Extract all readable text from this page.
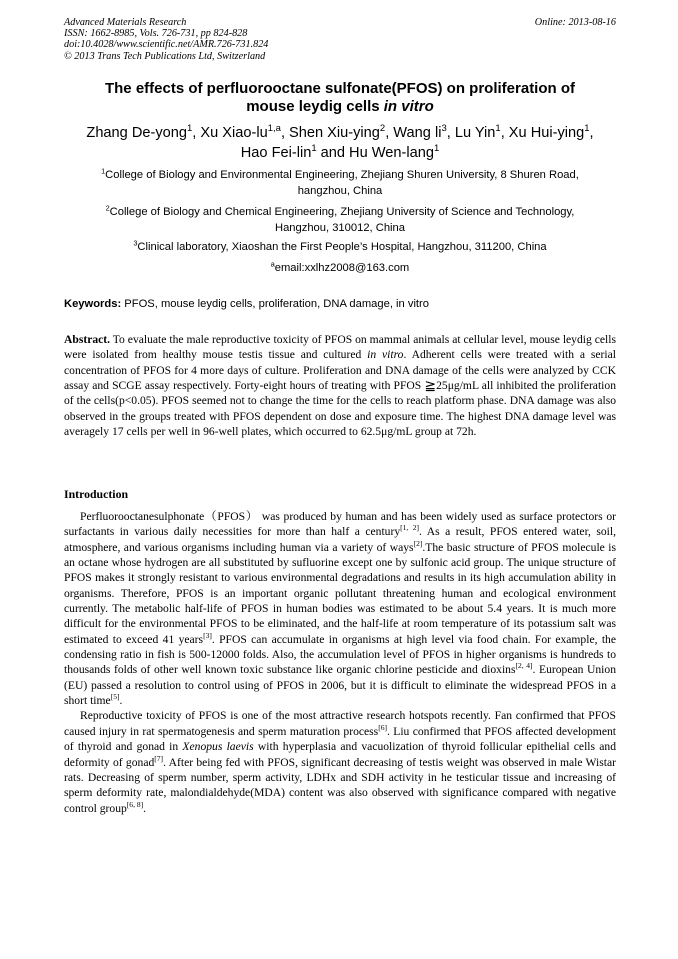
Advanced Materials Research
ISSN: 1662-8985, Vols. 726-731, pp 824-828
doi:10.4028/www.scientific.net/AMR.726-731.824
© 2013 Trans Tech Publications Ltd, Switzerland
Online: 2013-08-16
The effects of perfluorooctane sulfonate(PFOS) on proliferation of
mouse leydig cells in vitro
Zhang De-yong$^1$, Xu Xiao-lu$^{1,a}$, Shen Xiu-ying$^2$, Wang $li^3$, Lu Yin$^1$, Xu Hui-ying$^1$,
Hao Fei-lin$^1$ and Hu Wen-lang$^1$
$^1$College of Biology and Environmental Engineering, Zhejiang Shuren University, 8 Shuren Road,
hangzhou, China
$^2$College of Biology and Chemical Engineering, Zhejiang University of Science and Technology,
Hangzhou, 310012, China
$^3$Clinical laboratory, Xiaoshan the First People’s Hospital, Hangzhou, 311200, China
$^a$email:xxlhz2008@163.com
Keywords: PFOS, mouse leydig cells, proliferation, DNA damage, in vitro
Abstract. To evaluate the male reproductive toxicity of PFOS on mammal animals at cellular level, mouse leydig cells were isolated from healthy mouse testis tissue and cultured in vitro. Adherent cells were treated with a serial concentration of PFOS for 4 more days of culture. Proliferation and DNA damage of the cells were analyzed by CCK assay and SCGE assay respectively. Forty-eight hours of treating with PFOS ≧25μg/mL all inhibited the proliferation of the cells(p<0.05). PFOS seemed not to change the time for the cells to reach platform phase. DNA damage was also observed in the groups treated with PFOS dependent on dose and exposure time. The highest DNA damage level was averagely 17 cells per well in 96-well plates, which occurred to 62.5μg/mL group at 72h.
Introduction

Perfluorooctanesulphonate（PFOS） was produced by human and has been widely used as surface protectors or surfactants in various daily necessities for more than half a century[1, 2]. As a result, PFOS entered water, soil, atmosphere, and various organisms including human via a variety of ways[2].The basic structure of PFOS molecule is an octane whose hydrogen are all substituted by sufluorine except one by sulfonic acid group. The unique structure of PFOS makes it strongly resistant to various environmental degradations and results in its high accumulation ability in organisms. Therefore, PFOS is an important organic pollutant threatening human and ecological environment currently. The metabolic half-life of PFOS in human bodies was estimated to be about 5.4 years. It is much more difficult for the environmental PFOS to be eliminated, and the half-life at room temperature of its potassium salt was estimated to exceed 41 years[3]. PFOS can accumulate in organisms at high level via food chain. For example, the condensing ratio in fish is 500-12000 folds. Also, the accumulation level of PFOS in higher organisms is hundreds to thousands folds of other well known toxic substance like organic chlorine pesticide and dioxins[2, 4]. European Union (EU) passed a resolution to control using of PFOS in 2006, but it is difficult to eliminate the widespread PFOS in a short time[5].

Reproductive toxicity of PFOS is one of the most attractive research hotspots recently. Fan confirmed that PFOS caused injury in rat spermatogenesis and sperm maturation process[6]. Liu confirmed that PFOS affected development of thyroid and gonad in Xenopus laevis with hyperplasia and vacuolization of thyroid follicular epithelial cells and deformity of gonad[7]. After being fed with PFOS, significant decreasing of testis weight was observed in male Wistar rats. Decreasing of sperm number, sperm activity, LDHx and SDH activity in he testicular tissue and increasing of sperm deformity rate, malondialdehyde(MDA) content was also observed with significance compared with negative control group[6, 8].
